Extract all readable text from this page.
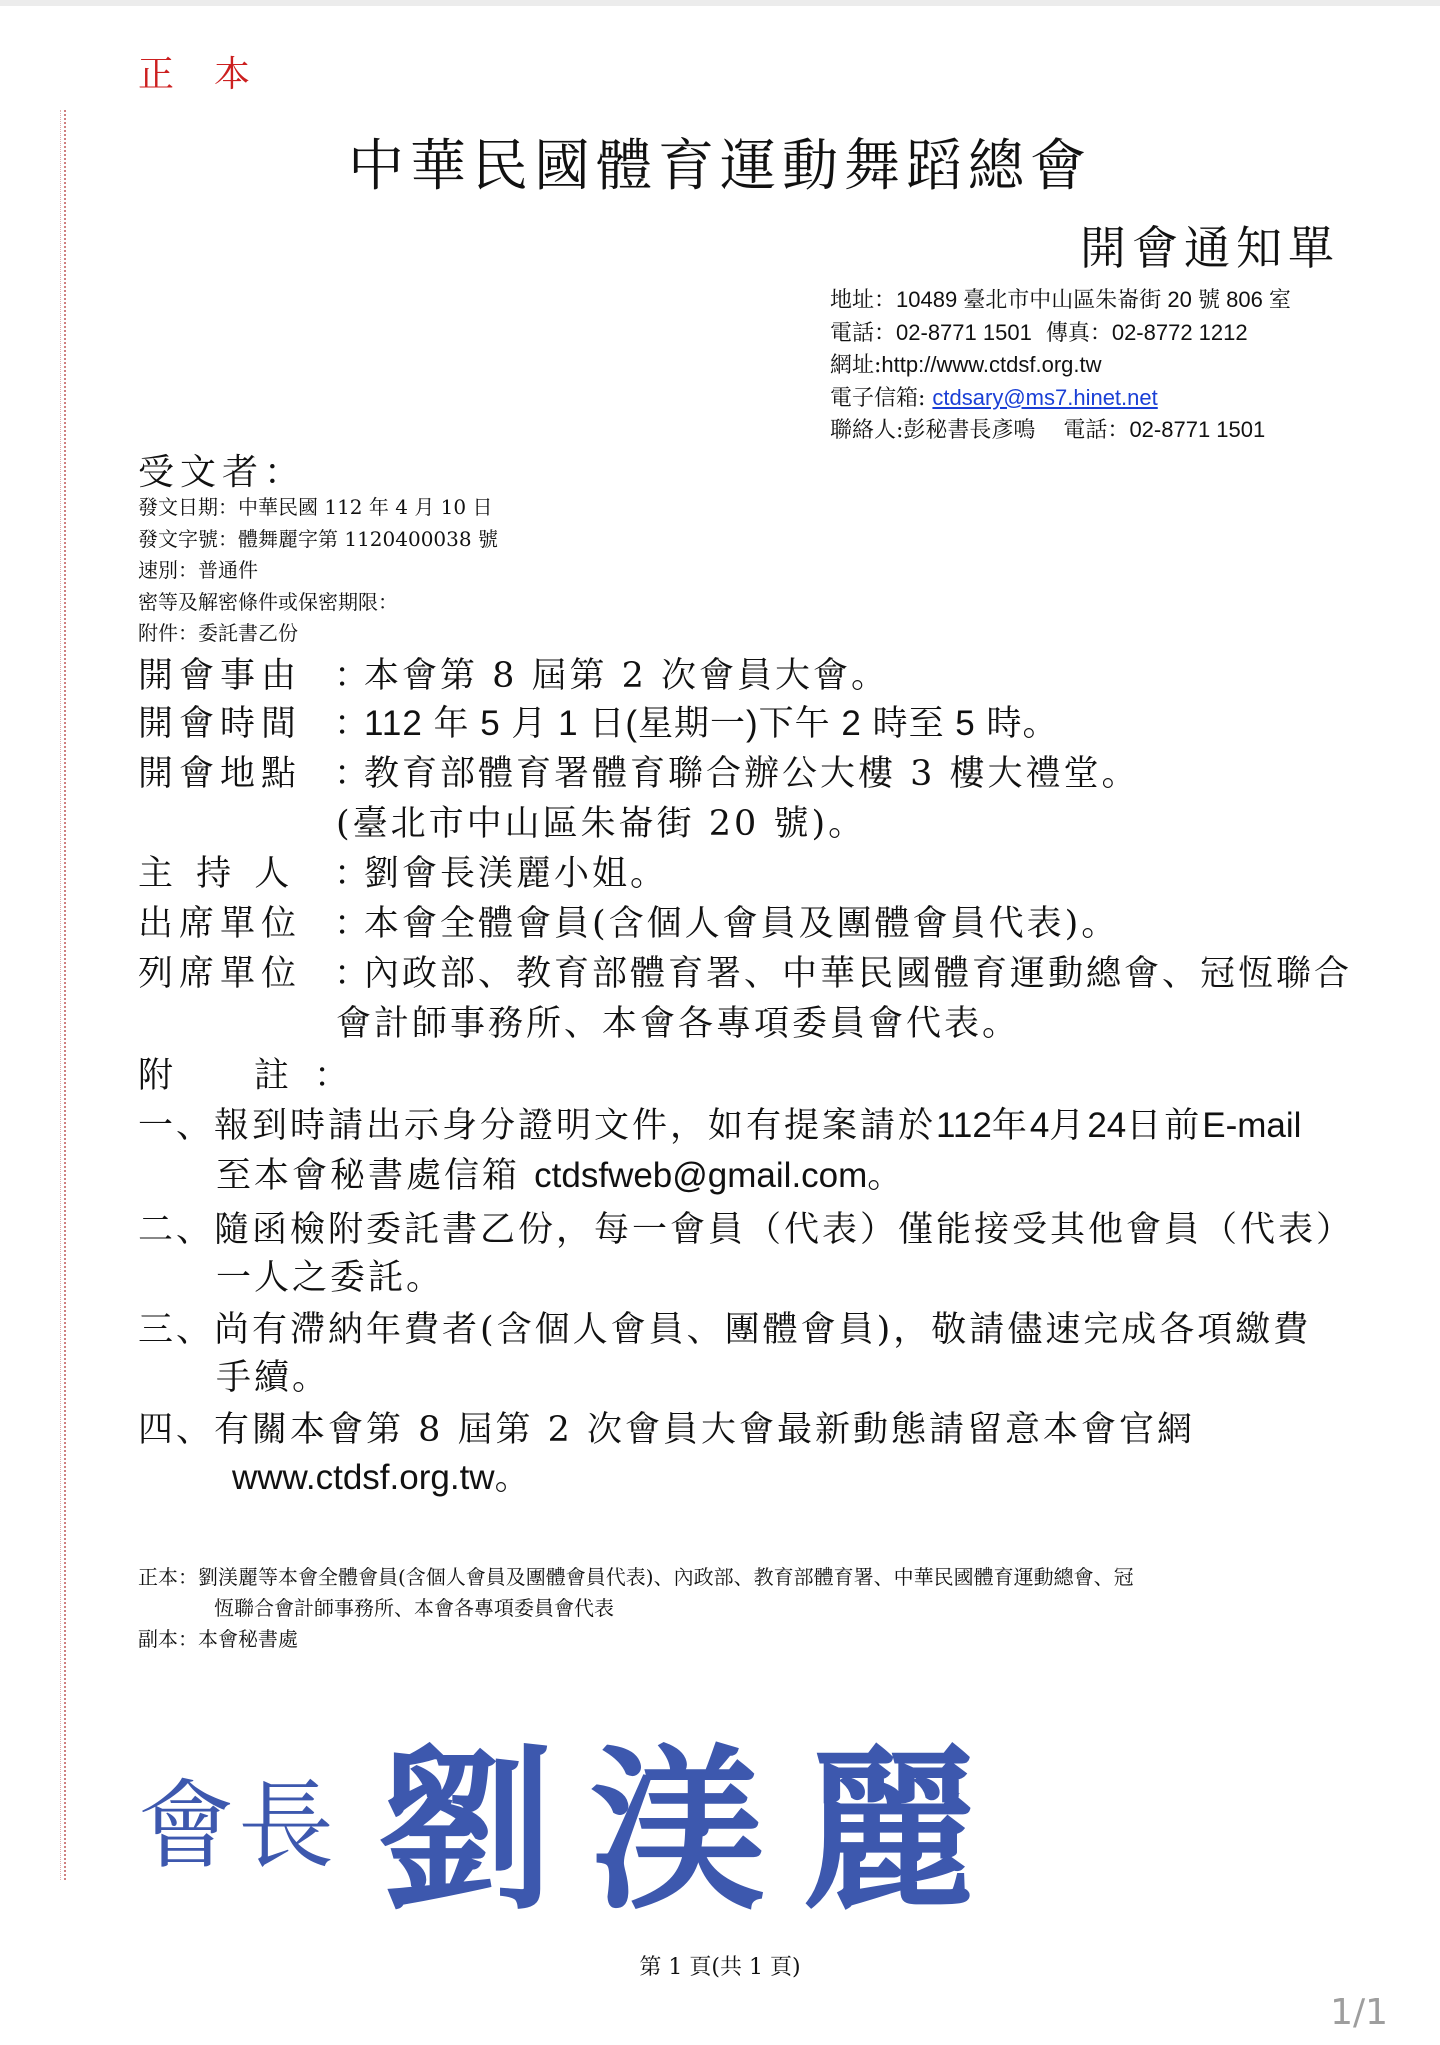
正本
中華民國體育運動舞蹈總會
開會通知單
地址：10489 臺北市中山區朱崙街 20 號 806 室
電話：02-8771 1501 傳真：02-8772 1212
網址:http://www.ctdsf.org.tw
電子信箱: ctdsary@ms7.hinet.net
聯絡人:彭秘書長彥鳴 電話：02-8771 1501
受文者：
發文日期：中華民國 112 年 4 月 10 日
發文字號：體舞麗字第 1120400038 號
速別：普通件
密等及解密條件或保密期限：
附件：委託書乙份
開會事由 ：本會第 8 屆第 2 次會員大會。
開會時間 ：112 年 5 月 1 日(星期一)下午 2 時至 5 時。
開會地點 ：教育部體育署體育聯合辦公大樓 3 樓大禮堂。
(臺北市中山區朱崙街 20 號)。
主 持 人 ：劉會長渼麗小姐。
出席單位 ：本會全體會員(含個人會員及團體會員代表)。
列席單位 ：內政部、教育部體育署、中華民國體育運動總會、冠恆聯合
會計師事務所、本會各專項委員會代表。
附 註 ：
一、報到時請出示身分證明文件，如有提案請於112年4月24日前E-mail
至本會秘書處信箱 ctdsfweb@gmail.com。
二、隨函檢附委託書乙份，每一會員（代表）僅能接受其他會員（代表）
一人之委託。
三、尚有滯納年費者(含個人會員、團體會員)，敬請儘速完成各項繳費
手續。
四、有關本會第 8 屆第 2 次會員大會最新動態請留意本會官網
www.ctdsf.org.tw。
正本：劉渼麗等本會全體會員(含個人會員及團體會員代表)、內政部、教育部體育署、中華民國體育運動總會、冠
恆聯合會計師事務所、本會各專項委員會代表
副本：本會秘書處
會長 劉渼麗
第 1 頁(共 1 頁)
1/1
